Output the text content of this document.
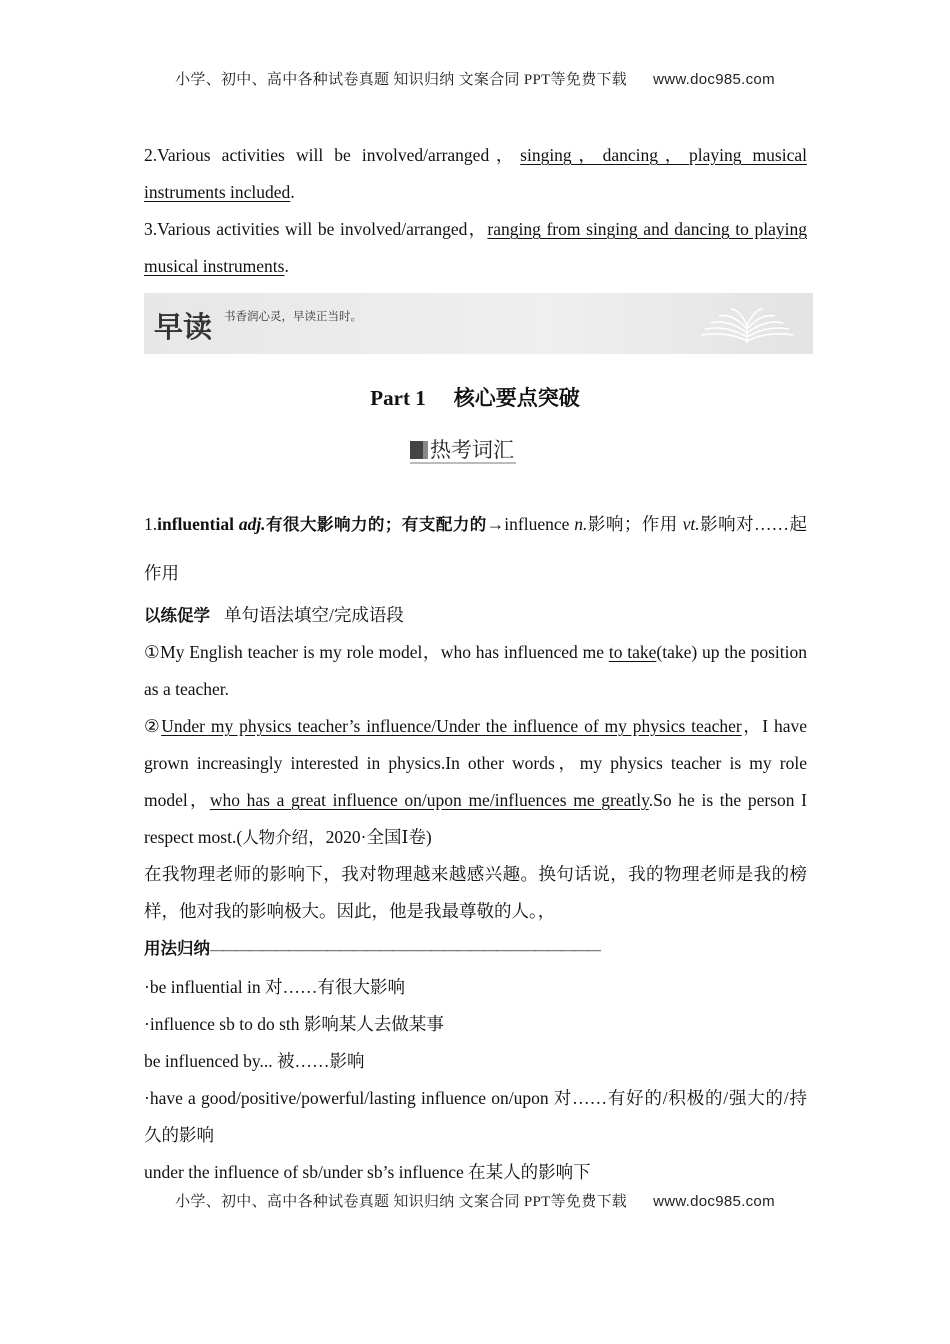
小学、初中、高中各种试卷真题 知识归纳 文案合同 PPT等免费下载 www.doc985.com

2.Various activities will be involved/arranged，singing，dancing，playing musical instruments included.

3.Various activities will be involved/arranged，ranging from singing and dancing to playing musical instruments.

早读 书香润心灵，早读正当时。
Part 1 核心要点突破
热考词汇

1.influential adj.有很大影响力的；有支配力的→influence n.影响；作用 vt.影响对……起作用

以练促学 单句语法填空/完成语段

①My English teacher is my role model，who has influenced me to take(take) up the position as a teacher.

②Under my physics teacher’s influence/Under the influence of my physics teacher，I have grown increasingly interested in physics.In other words，my physics teacher is my role model，who has a great influence on/upon me/influences me greatly.So he is the person I respect most.(人物介绍，2020·全国Ⅰ卷)

在我物理老师的影响下，我对物理越来越感兴趣。换句话说，我的物理老师是我的榜样，他对我的影响极大。因此，他是我最尊敬的人。，

用法归纳——————————————————————————————

·be influential in 对……有很大影响

·influence sb to do sth 影响某人去做某事

be influenced by... 被……影响

·have a good/positive/powerful/lasting influence on/upon 对……有好的/积极的/强大的/持久的影响

under the influence of sb/under sb’s influence 在某人的影响下

小学、初中、高中各种试卷真题 知识归纳 文案合同 PPT等免费下载 www.doc985.com
